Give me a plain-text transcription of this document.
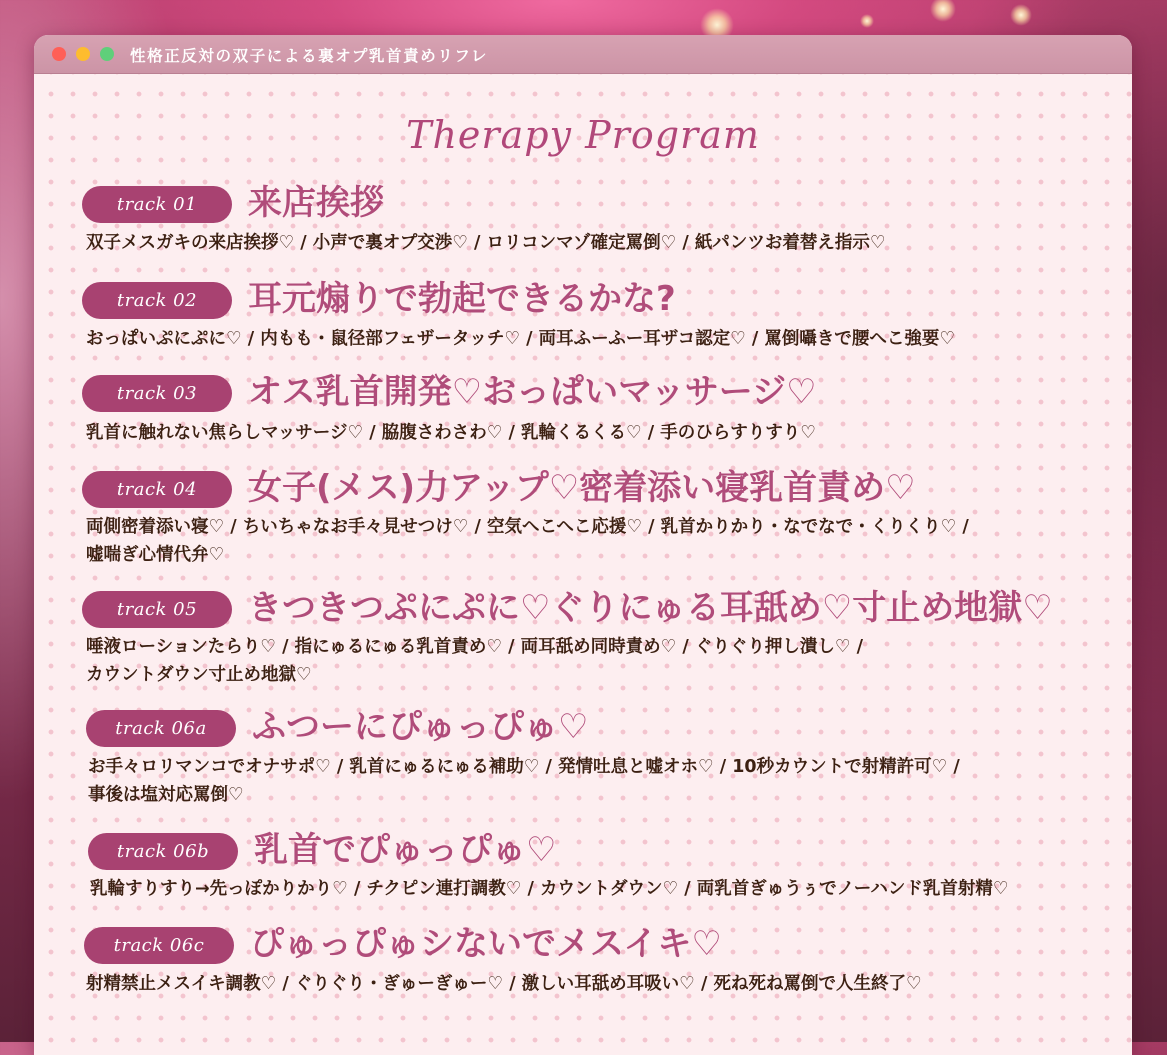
性格正反対の双子による裏オプ乳首責めリフレ
Therapy Program
track 01	来店挨拶
双子メスガキの来店挨拶♡ / 小声で裏オプ交渉♡ / ロリコンマゾ確定罵倒♡ / 紙パンツお着替え指示♡
track 02	耳元煽りで勃起できるかな?
おっぱいぷにぷに♡ / 内もも・鼠径部フェザータッチ♡ / 両耳ふーふー耳ザコ認定♡ / 罵倒囁きで腰へこ強要♡
track 03	オス乳首開発♡おっぱいマッサージ♡
乳首に触れない焦らしマッサージ♡ / 脇腹さわさわ♡ / 乳輪くるくる♡ / 手のひらすりすり♡
track 04	女子(メス)力アップ♡密着添い寝乳首責め♡
両側密着添い寝♡ / ちいちゃなお手々見せつけ♡ / 空気へこへこ応援♡ / 乳首かりかり・なでなで・くりくり♡ /
嘘喘ぎ心情代弁♡
track 05	きつきつぷにぷに♡ぐりにゅる耳舐め♡寸止め地獄♡
唾液ローションたらり♡ / 指にゅるにゅる乳首責め♡ / 両耳舐め同時責め♡ / ぐりぐり押し潰し♡ /
カウントダウン寸止め地獄♡
track 06a	ふつーにぴゅっぴゅ♡
お手々ロリマンコでオナサポ♡ / 乳首にゅるにゅる補助♡ / 発情吐息と嘘オホ♡ / 10秒カウントで射精許可♡ /
事後は塩対応罵倒♡
track 06b	乳首でぴゅっぴゅ♡
乳輪すりすり→先っぽかりかり♡ / チクピン連打調教♡ / カウントダウン♡ / 両乳首ぎゅうぅでノーハンド乳首射精♡
track 06c	ぴゅっぴゅシないでメスイキ♡
射精禁止メスイキ調教♡ / ぐりぐり・ぎゅーぎゅー♡ / 激しい耳舐め耳吸い♡ / 死ね死ね罵倒で人生終了♡
